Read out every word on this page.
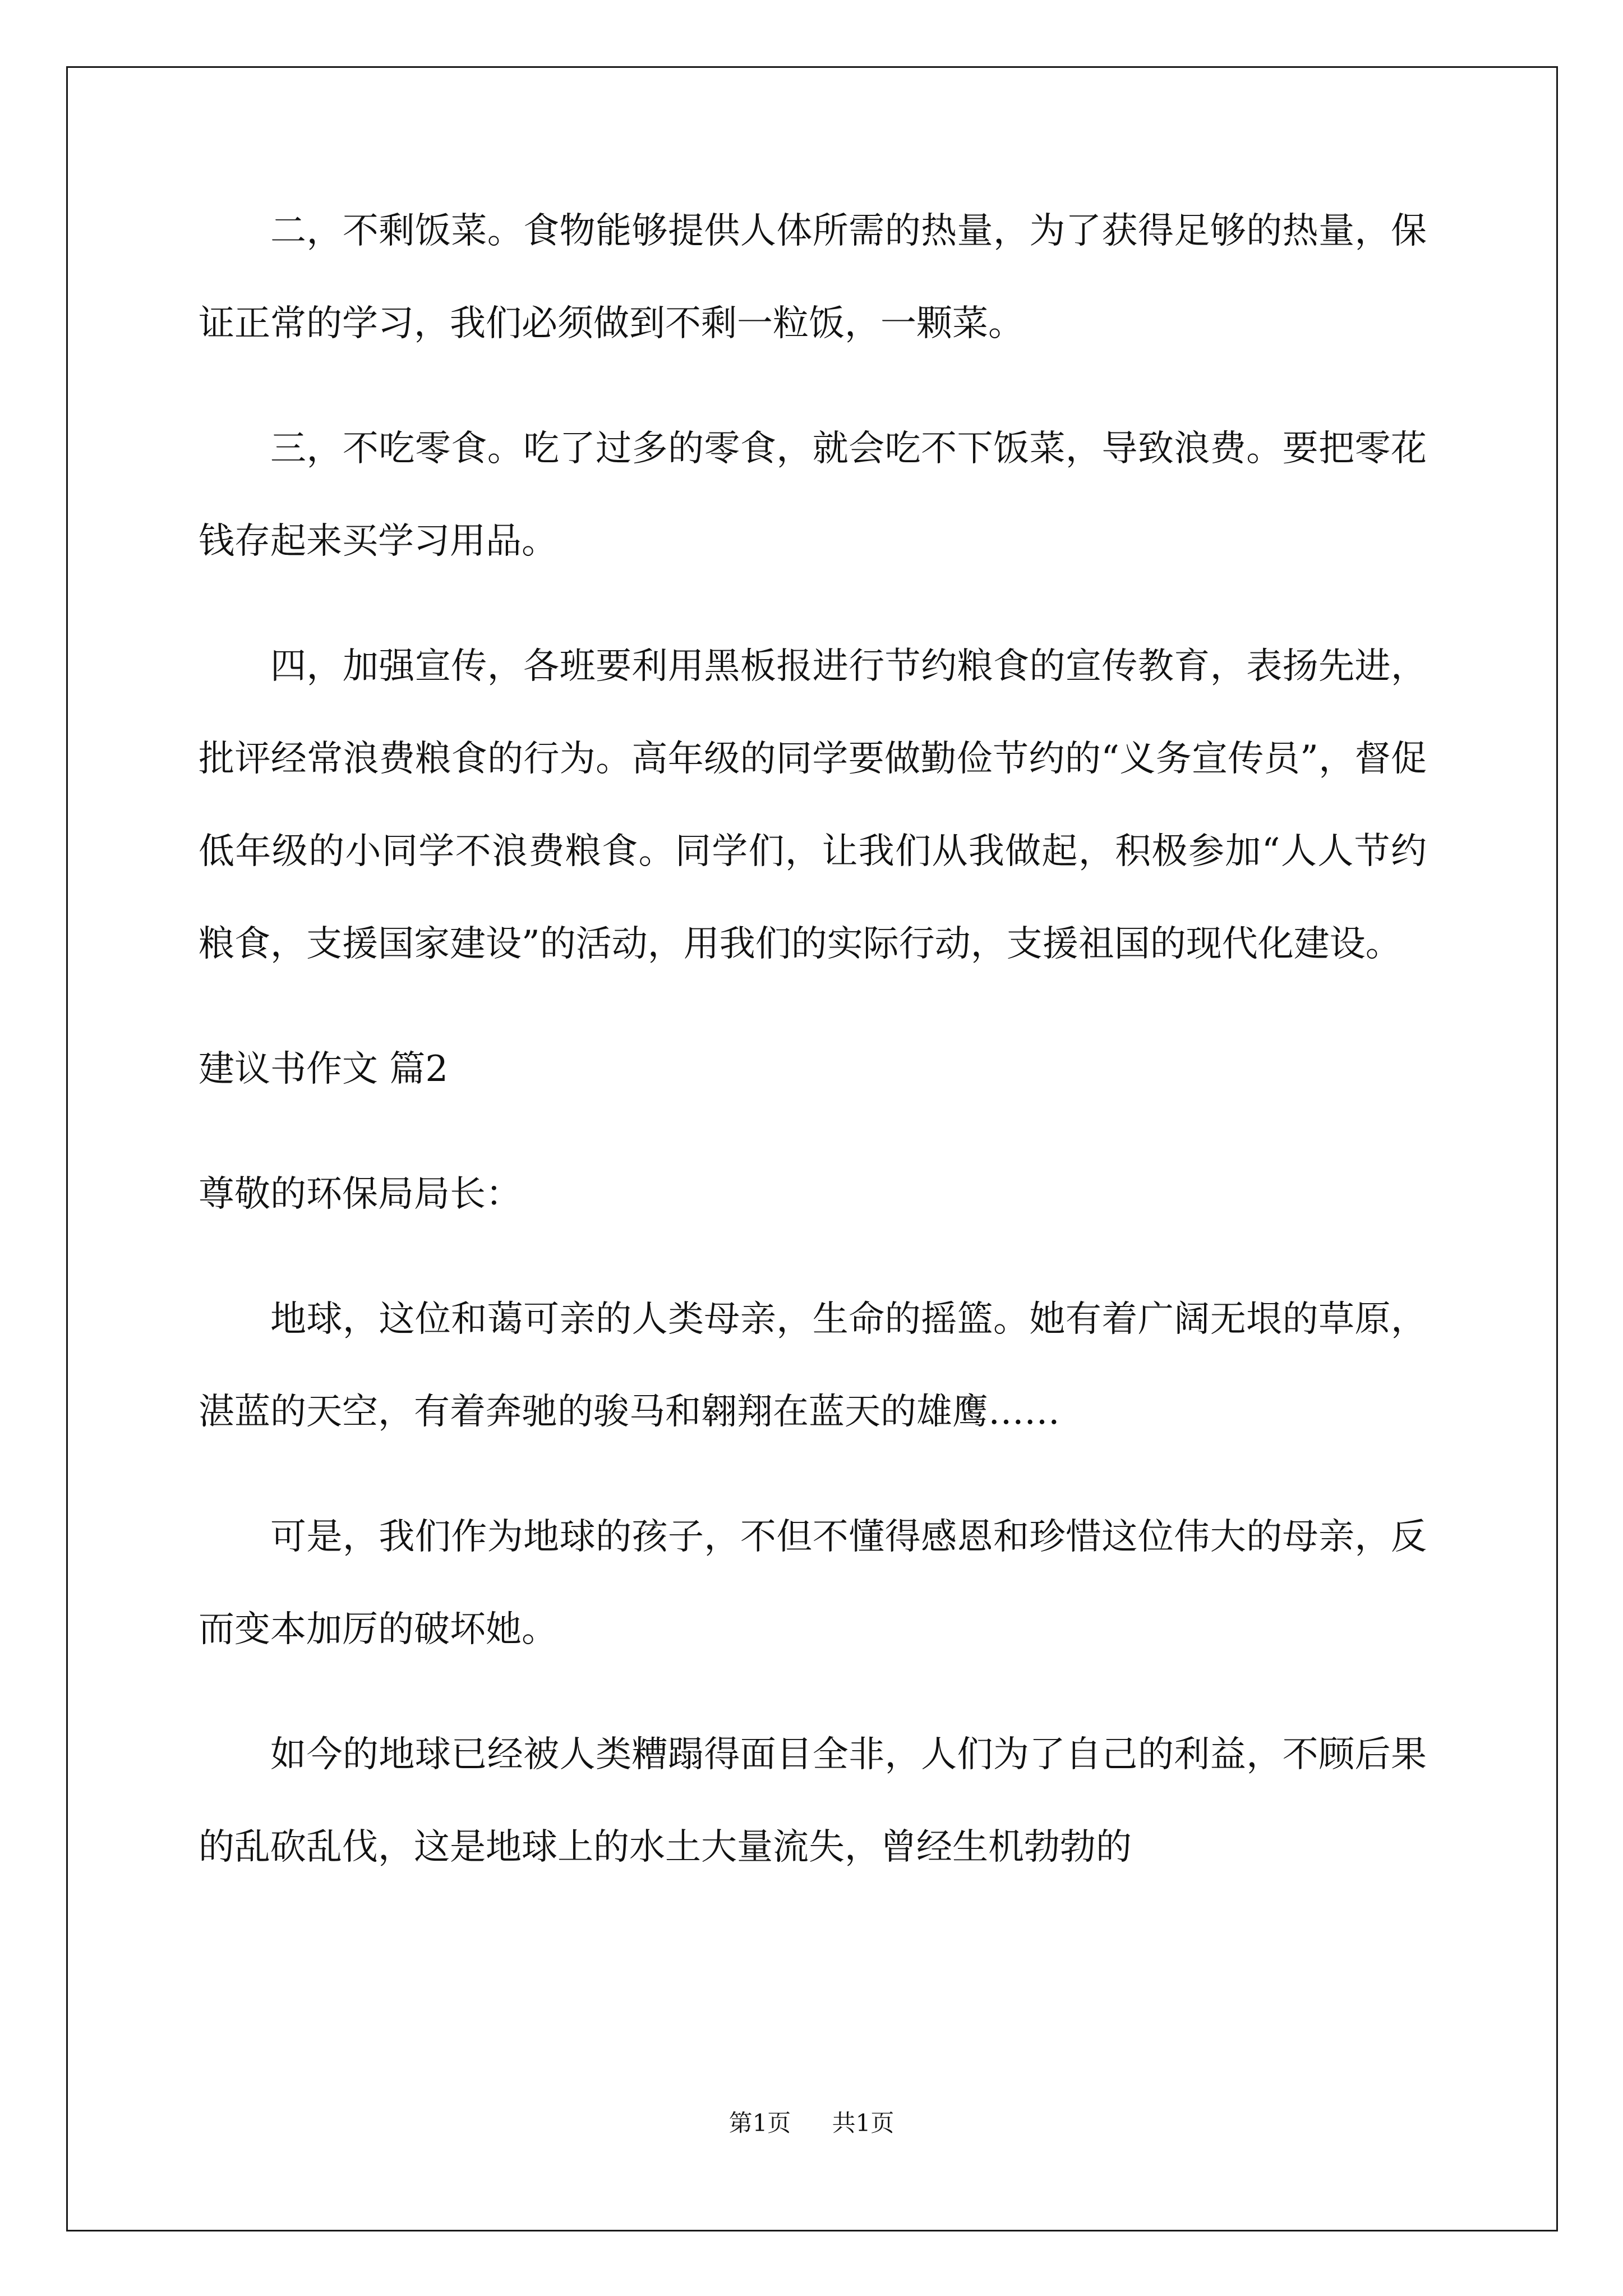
二，不剩饭菜。食物能够提供人体所需的热量，为了获得足够的热量，保证正常的学习，我们必须做到不剩一粒饭，一颗菜。

三，不吃零食。吃了过多的零食，就会吃不下饭菜，导致浪费。要把零花钱存起来买学习用品。

四，加强宣传，各班要利用黑板报进行节约粮食的宣传教育，表扬先进，批评经常浪费粮食的行为。高年级的同学要做勤俭节约的“义务宣传员”，督促低年级的小同学不浪费粮食。同学们，让我们从我做起，积极参加“人人节约粮食，支援国家建设”的活动，用我们的实际行动，支援祖国的现代化建设。

建议书作文 篇2

尊敬的环保局局长：

地球，这位和蔼可亲的人类母亲，生命的摇篮。她有着广阔无垠的草原，湛蓝的天空，有着奔驰的骏马和翱翔在蓝天的雄鹰……

可是，我们作为地球的孩子，不但不懂得感恩和珍惜这位伟大的母亲，反而变本加厉的破坏她。

如今的地球已经被人类糟蹋得面目全非，人们为了自己的利益，不顾后果的乱砍乱伐，这是地球上的水土大量流失，曾经生机勃勃的

第1页 共1页
